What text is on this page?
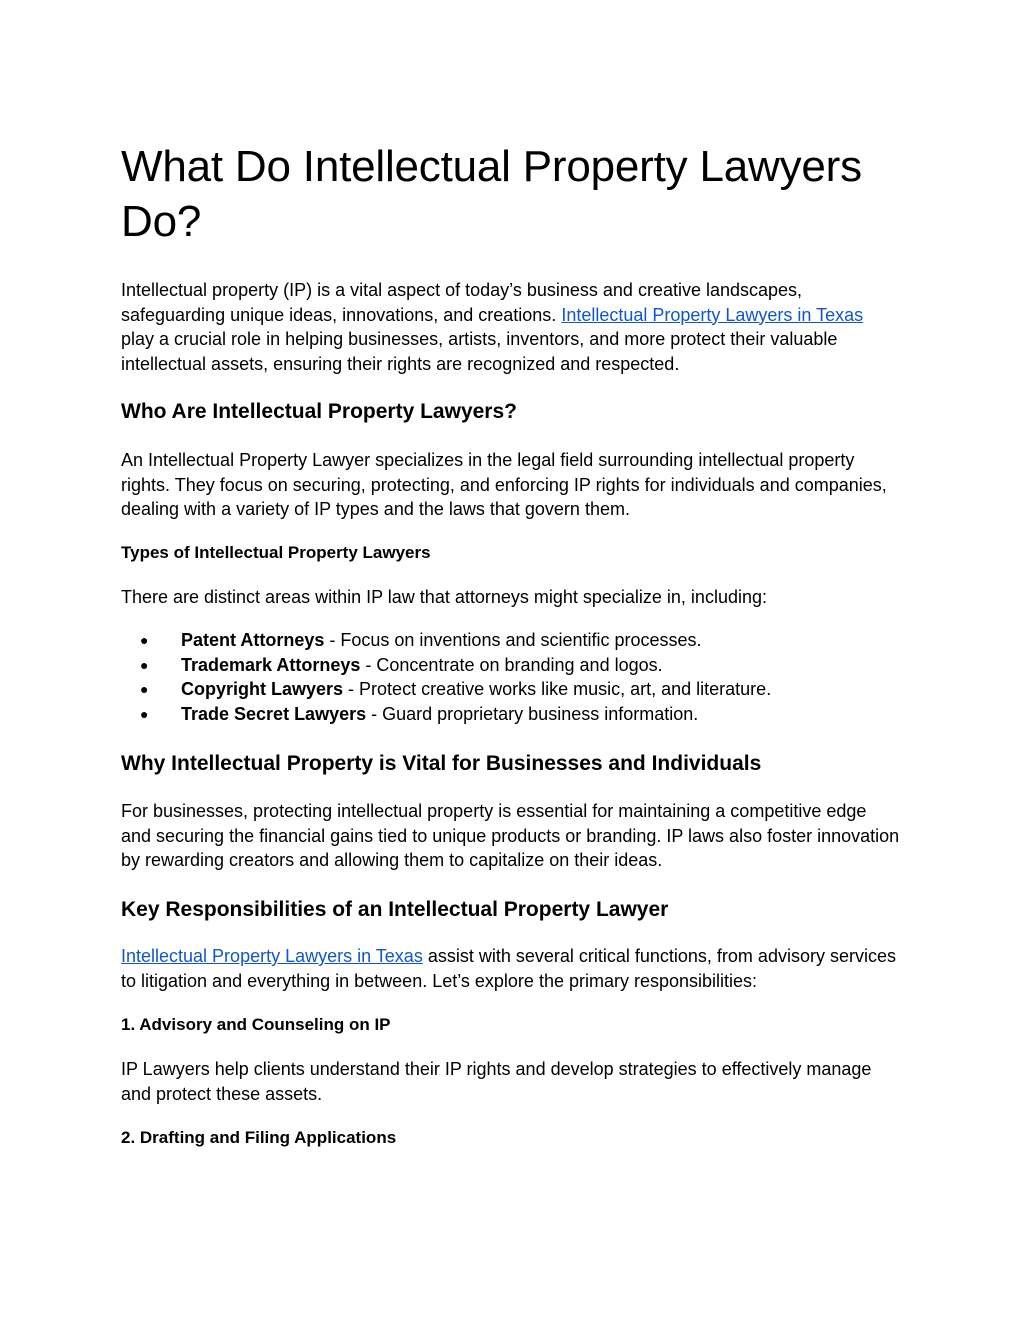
What Do Intellectual Property Lawyers Do?

Intellectual property (IP) is a vital aspect of today’s business and creative landscapes, safeguarding unique ideas, innovations, and creations. Intellectual Property Lawyers in Texas play a crucial role in helping businesses, artists, inventors, and more protect their valuable intellectual assets, ensuring their rights are recognized and respected.

Who Are Intellectual Property Lawyers?

An Intellectual Property Lawyer specializes in the legal field surrounding intellectual property rights. They focus on securing, protecting, and enforcing IP rights for individuals and companies, dealing with a variety of IP types and the laws that govern them.

Types of Intellectual Property Lawyers

There are distinct areas within IP law that attorneys might specialize in, including:

● Patent Attorneys - Focus on inventions and scientific processes.
● Trademark Attorneys - Concentrate on branding and logos.
● Copyright Lawyers - Protect creative works like music, art, and literature.
● Trade Secret Lawyers - Guard proprietary business information.
Why Intellectual Property is Vital for Businesses and Individuals

For businesses, protecting intellectual property is essential for maintaining a competitive edge and securing the financial gains tied to unique products or branding. IP laws also foster innovation by rewarding creators and allowing them to capitalize on their ideas.

Key Responsibilities of an Intellectual Property Lawyer

Intellectual Property Lawyers in Texas assist with several critical functions, from advisory services to litigation and everything in between. Let’s explore the primary responsibilities:

1. Advisory and Counseling on IP

IP Lawyers help clients understand their IP rights and develop strategies to effectively manage and protect these assets.

2. Drafting and Filing Applications
